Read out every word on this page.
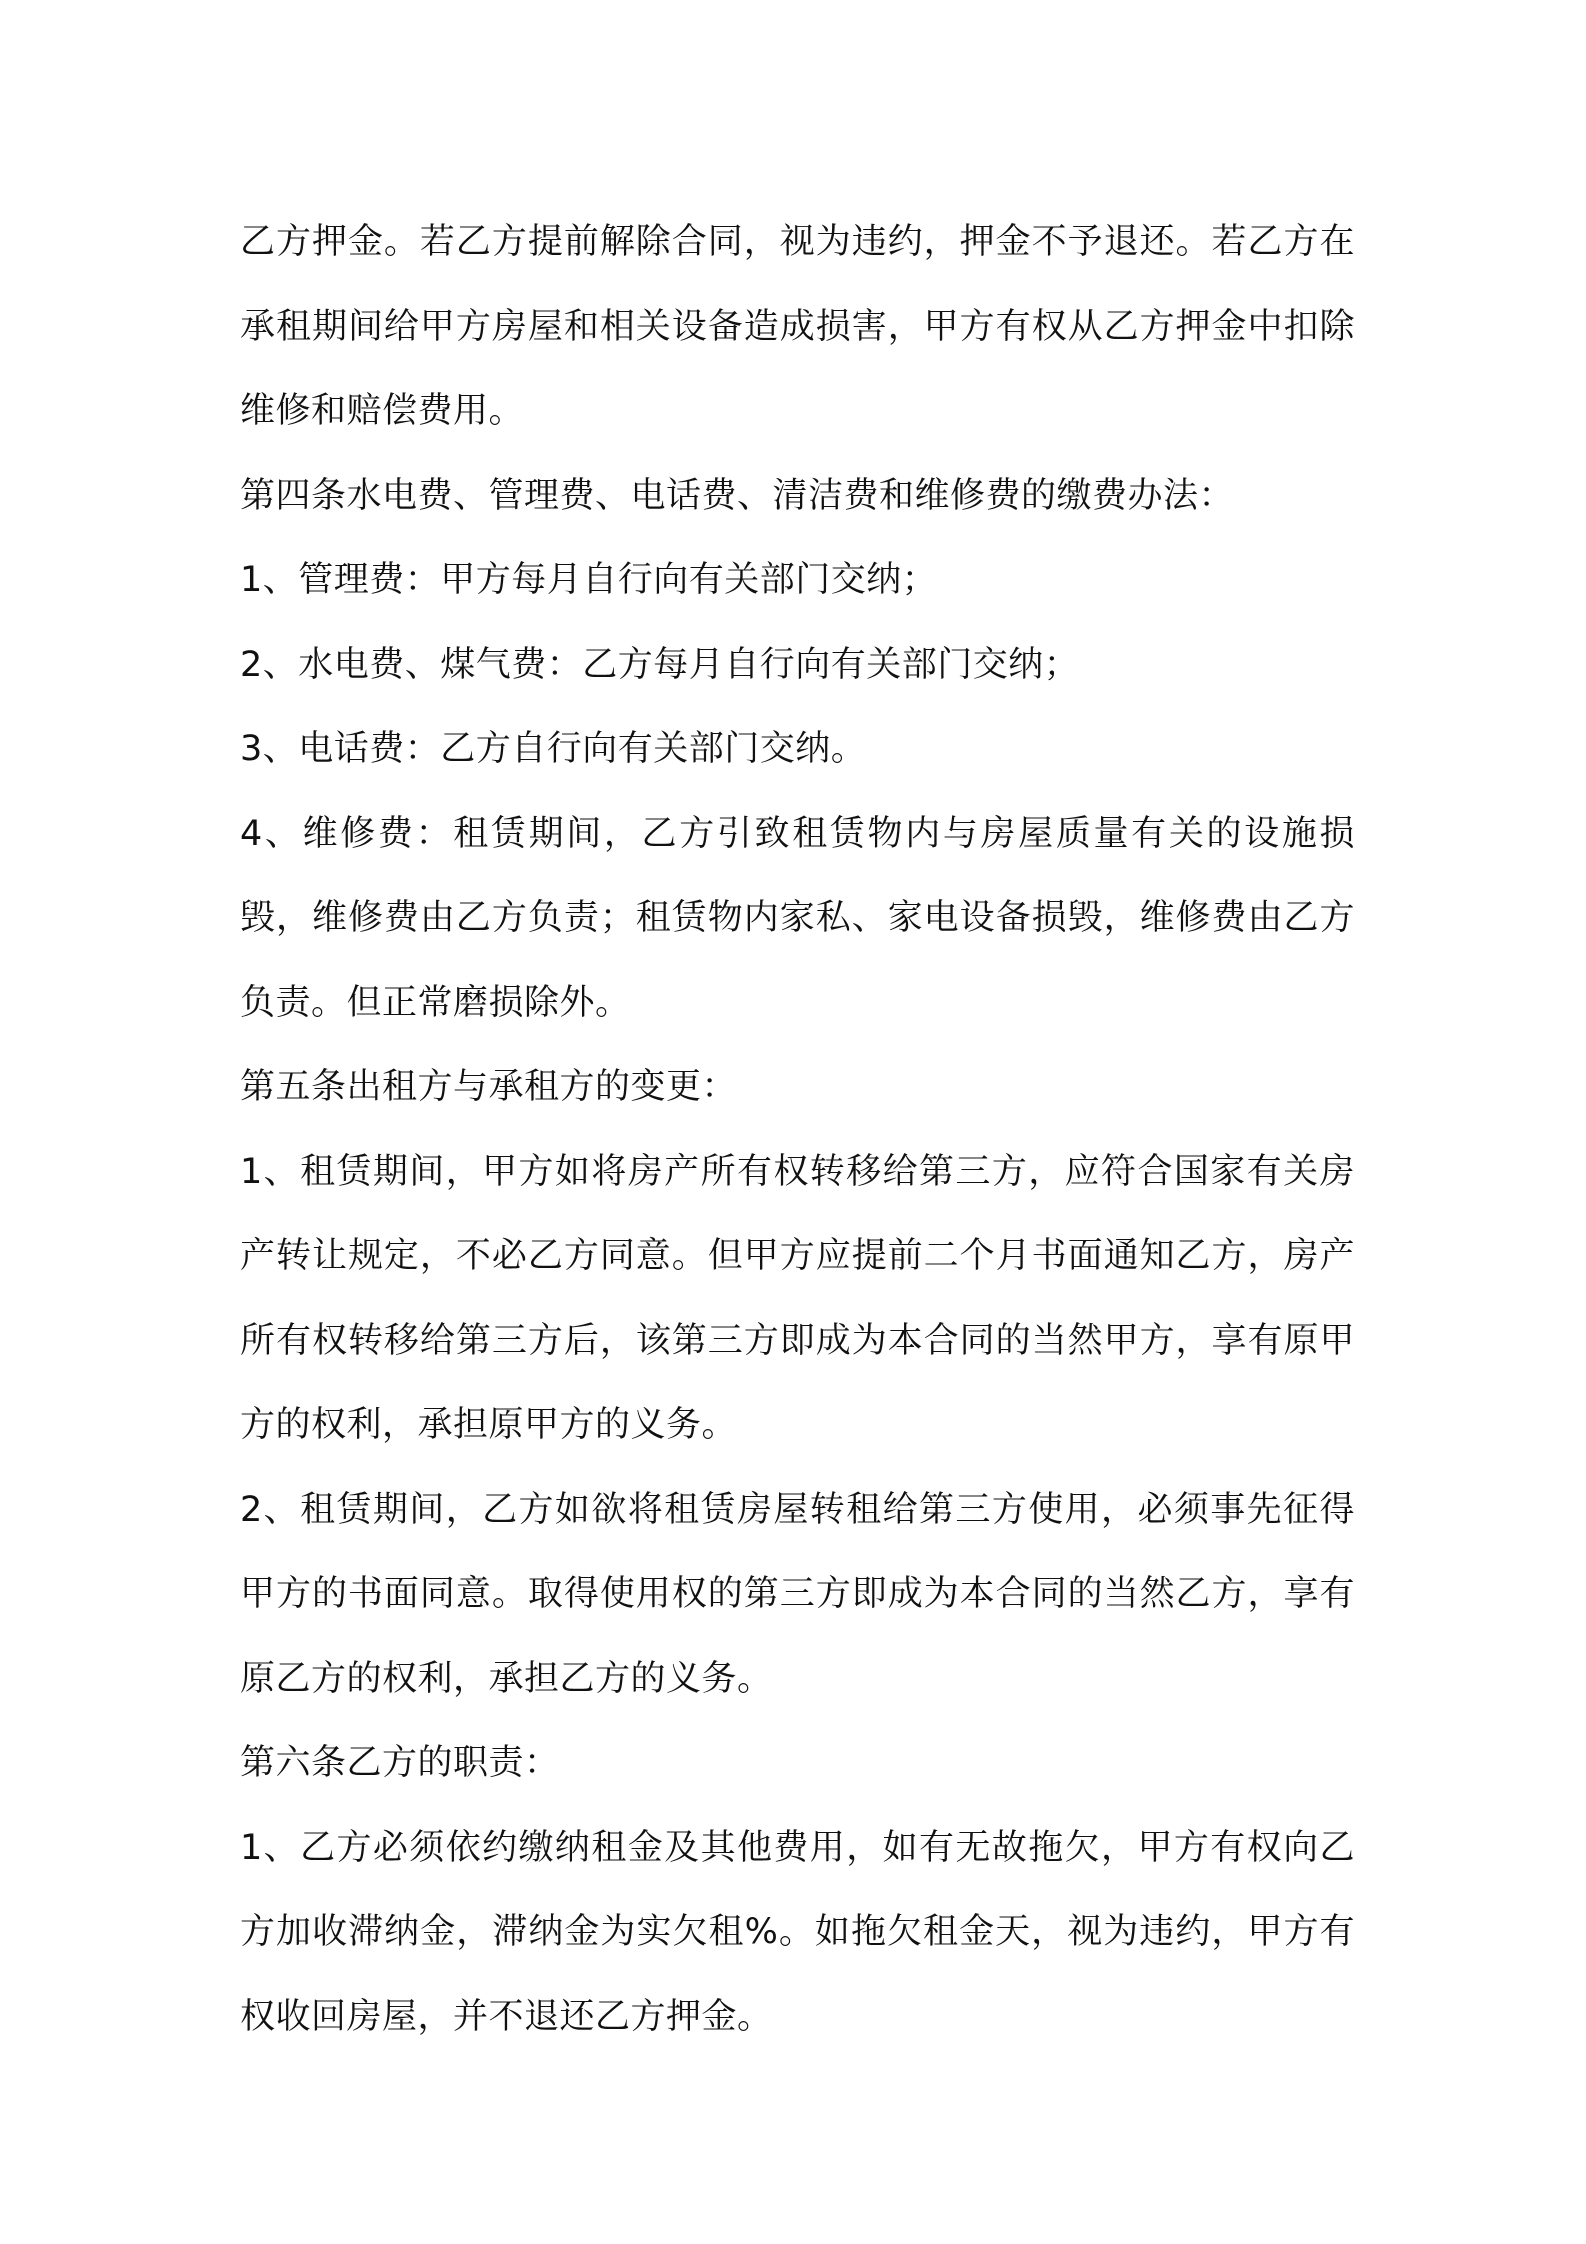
乙方押金。若乙方提前解除合同，视为违约，押金不予退还。若乙方在承租期间给甲方房屋和相关设备造成损害，甲方有权从乙方押金中扣除维修和赔偿费用。

第四条水电费、管理费、电话费、清洁费和维修费的缴费办法：

1、管理费：甲方每月自行向有关部门交纳；

2、水电费、煤气费：乙方每月自行向有关部门交纳；

3、电话费：乙方自行向有关部门交纳。

4、维修费：租赁期间，乙方引致租赁物内与房屋质量有关的设施损毁，维修费由乙方负责；租赁物内家私、家电设备损毁，维修费由乙方负责。但正常磨损除外。

第五条出租方与承租方的变更：

1、租赁期间，甲方如将房产所有权转移给第三方，应符合国家有关房产转让规定，不必乙方同意。但甲方应提前二个月书面通知乙方，房产所有权转移给第三方后，该第三方即成为本合同的当然甲方，享有原甲方的权利，承担原甲方的义务。

2、租赁期间，乙方如欲将租赁房屋转租给第三方使用，必须事先征得甲方的书面同意。取得使用权的第三方即成为本合同的当然乙方，享有原乙方的权利，承担乙方的义务。

第六条乙方的职责：

1、乙方必须依约缴纳租金及其他费用，如有无故拖欠，甲方有权向乙方加收滞纳金，滞纳金为实欠租%。如拖欠租金天，视为违约，甲方有权收回房屋，并不退还乙方押金。
